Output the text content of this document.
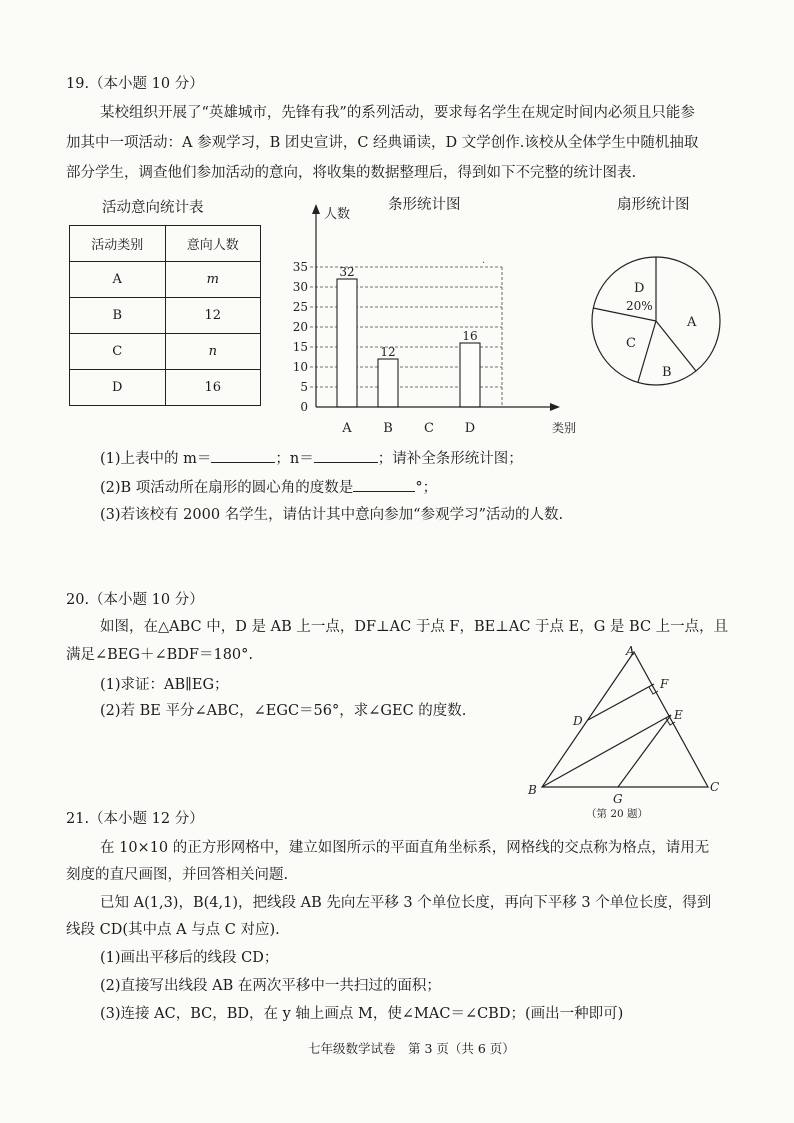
19.（本小题 10 分）
某校组织开展了“英雄城市，先锋有我”的系列活动，要求每名学生在规定时间内必须且只能参
加其中一项活动：A 参观学习，B 团史宣讲，C 经典诵读，D 文学创作.该校从全体学生中随机抽取
部分学生，调查他们参加活动的意向，将收集的数据整理后，得到如下不完整的统计图表.
活动意向统计表
活动类别	意向人数
A	m
B	12
C	n
D	16
条形统计图
32
12
16
0
5
10
15
20
25
30
35
A B C D
人数
类别
·
扇形统计图
A
B
C
D
20%
(1)上表中的 m＝	；n＝	；请补全条形统计图；
(2)B 项活动所在扇形的圆心角的度数是	°；
(3)若该校有 2000 名学生，请估计其中意向参加“参观学习”活动的人数.
20.（本小题 10 分）
如图，在△ABC 中，D 是 AB 上一点，DF⊥AC 于点 F，BE⊥AC 于点 E，G 是 BC 上一点，且
满足∠BEG＋∠BDF＝180°.
(1)求证：AB∥EG；
(2)若 BE 平分∠ABC，∠EGC＝56°，求∠GEC 的度数.
A
F
D	E
B
G
C
（第 20 题）
21.（本小题 12 分）
在 10×10 的正方形网格中，建立如图所示的平面直角坐标系，网格线的交点称为格点，请用无
刻度的直尺画图，并回答相关问题.
已知 A(1,3)，B(4,1)，把线段 AB 先向左平移 3 个单位长度，再向下平移 3 个单位长度，得到
线段 CD(其中点 A 与点 C 对应).
(1)画出平移后的线段 CD；
(2)直接写出线段 AB 在两次平移中一共扫过的面积；
(3)连接 AC，BC，BD，在 y 轴上画点 M，使∠MAC＝∠CBD；(画出一种即可)
七年级数学试卷　第 3 页（共 6 页）
